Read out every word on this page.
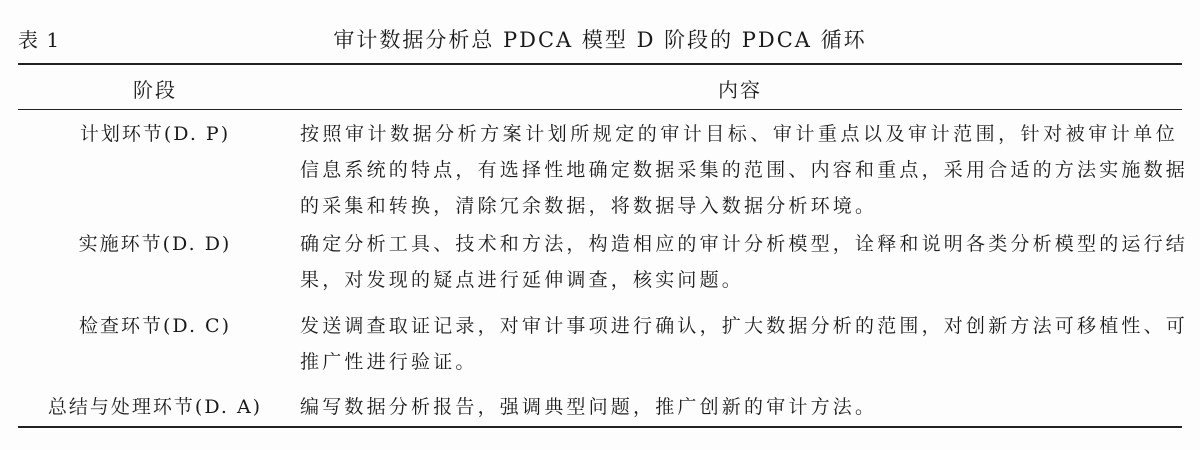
表 1	审计数据分析总 PDCA 模型 D 阶段的 PDCA 循环
阶段	内容
计划环节(D. P)	按照审计数据分析方案计划所规定的审计目标、审计重点以及审计范围，针对被审计单位
信息系统的特点，有选择性地确定数据采集的范围、内容和重点，采用合适的方法实施数据
的采集和转换，清除冗余数据，将数据导入数据分析环境。
实施环节(D. D)	确定分析工具、技术和方法，构造相应的审计分析模型，诠释和说明各类分析模型的运行结
果，对发现的疑点进行延伸调查，核实问题。
检查环节(D. C)	发送调查取证记录，对审计事项进行确认，扩大数据分析的范围，对创新方法可移植性、可
推广性进行验证。
总结与处理环节(D. A)	编写数据分析报告，强调典型问题，推广创新的审计方法。
